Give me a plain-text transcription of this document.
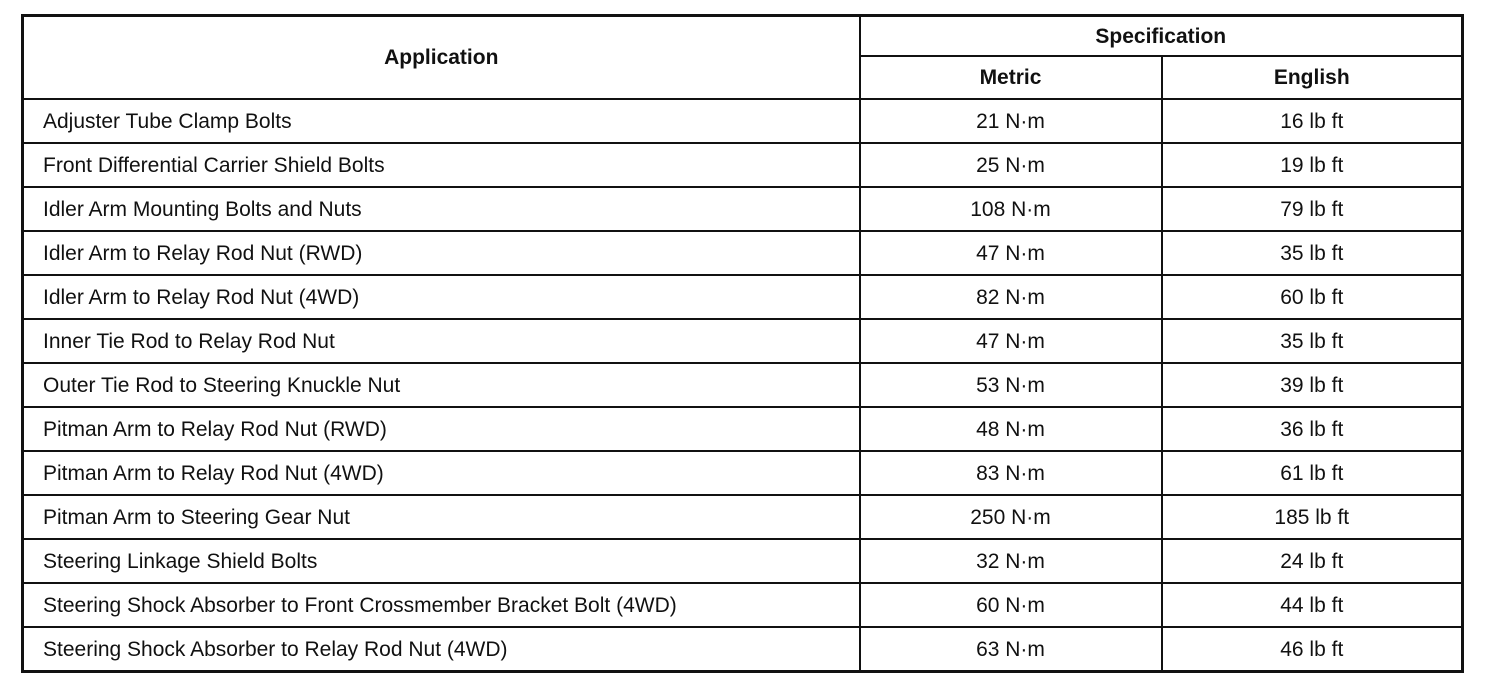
Application	Specification	
	Metric	English
Adjuster Tube Clamp Bolts	21 N·m	16 lb ft
Front Differential Carrier Shield Bolts	25 N·m	19 lb ft
Idler Arm Mounting Bolts and Nuts	108 N·m	79 lb ft
Idler Arm to Relay Rod Nut (RWD)	47 N·m	35 lb ft
Idler Arm to Relay Rod Nut (4WD)	82 N·m	60 lb ft
Inner Tie Rod to Relay Rod Nut	47 N·m	35 lb ft
Outer Tie Rod to Steering Knuckle Nut	53 N·m	39 lb ft
Pitman Arm to Relay Rod Nut (RWD)	48 N·m	36 lb ft
Pitman Arm to Relay Rod Nut (4WD)	83 N·m	61 lb ft
Pitman Arm to Steering Gear Nut	250 N·m	185 lb ft
Steering Linkage Shield Bolts	32 N·m	24 lb ft
Steering Shock Absorber to Front Crossmember Bracket Bolt (4WD)	60 N·m	44 lb ft
Steering Shock Absorber to Relay Rod Nut (4WD)	63 N·m	46 lb ft
